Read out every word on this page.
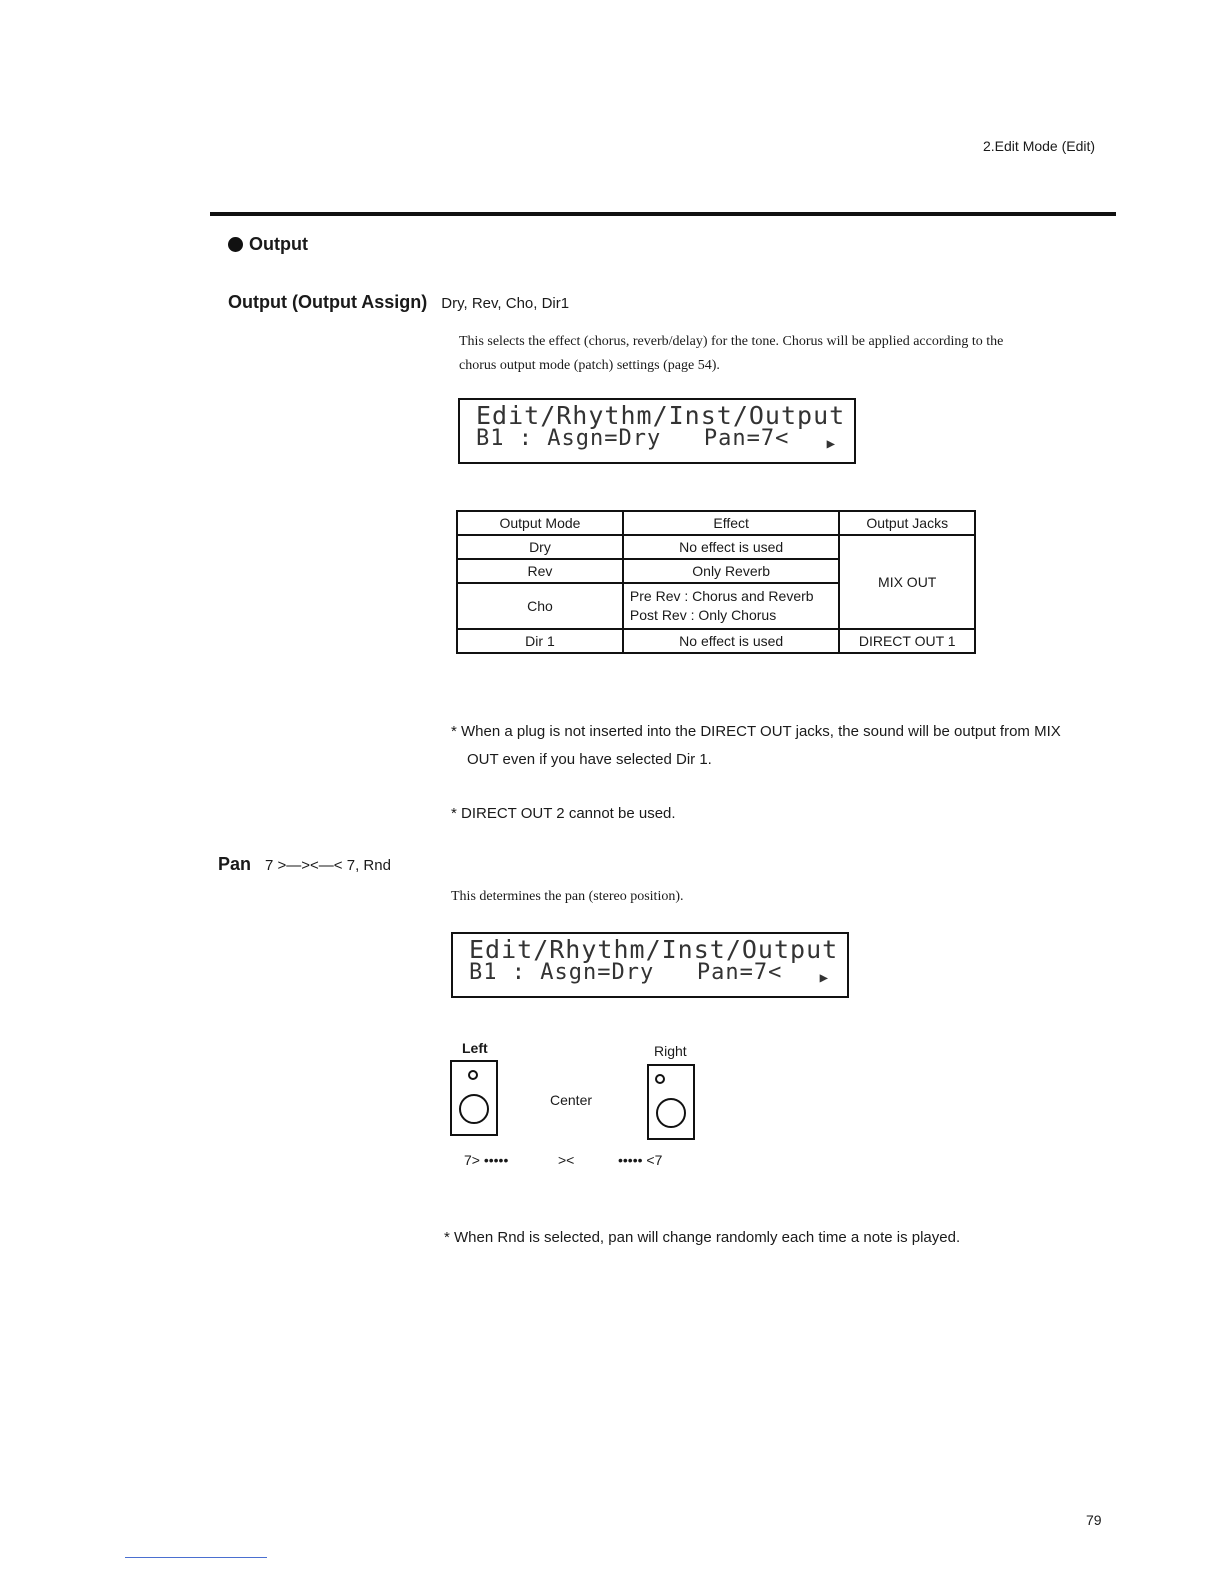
2.Edit Mode (Edit)
Output
Output (Output Assign) Dry, Rev, Cho, Dir1
This selects the effect (chorus, reverb/delay) for the tone. Chorus will be applied according to the
chorus output mode (patch) settings (page 54).
Edit/Rhythm/Inst/Output
B1 : Asgn=Dry   Pan=7<	▶
Output Mode	Effect	Output Jacks
Dry	No effect is used	MIX OUT
Rev	Only Reverb	
Cho	Pre Rev : Chorus and Reverb
Post Rev : Only Chorus	

Dir 1	No effect is used	DIRECT OUT 1
* When a plug is not inserted into the DIRECT OUT jacks, the sound will be output from MIX
OUT even if you have selected Dir 1.
* DIRECT OUT 2 cannot be used.
Pan 7 >—><—< 7, Rnd
This determines the pan (stereo position).
Edit/Rhythm/Inst/Output
B1 : Asgn=Dry   Pan=7<	▶
Left	Right
Center
7> •••••	><	••••• <7
* When Rnd is selected, pan will change randomly each time a note is played.
79
